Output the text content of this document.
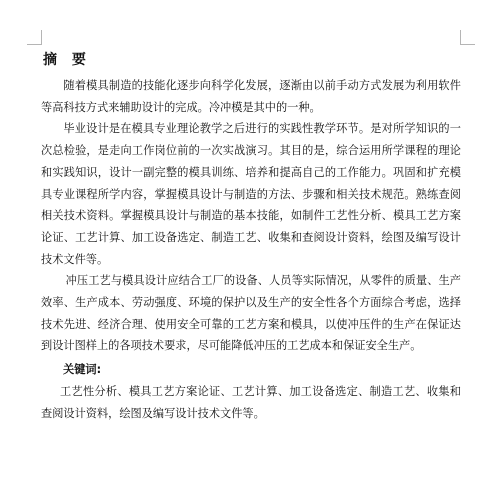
摘 要

随着模具制造的技能化逐步向科学化发展，逐渐由以前手动方式发展为利用软件等高科技方式来辅助设计的完成。冷冲模是其中的一种。

毕业设计是在模具专业理论教学之后进行的实践性教学环节。是对所学知识的一次总检验，是走向工作岗位前的一次实战演习。其目的是，综合运用所学课程的理论和实践知识，设计一副完整的模具训练、培养和提高自己的工作能力。巩固和扩充模具专业课程所学内容，掌握模具设计与制造的方法、步骤和相关技术规范。熟练查阅相关技术资料。掌握模具设计与制造的基本技能，如制件工艺性分析、模具工艺方案论证、工艺计算、加工设备选定、制造工艺、收集和查阅设计资料，绘图及编写设计技术文件等。

冲压工艺与模具设计应结合工厂的设备、人员等实际情况，从零件的质量、生产效率、生产成本、劳动强度、环境的保护以及生产的安全性各个方面综合考虑，选择技术先进、经济合理、使用安全可靠的工艺方案和模具，以使冲压件的生产在保证达到设计图样上的各项技术要求，尽可能降低冲压的工艺成本和保证安全生产。

关键词:

工艺性分析、模具工艺方案论证、工艺计算、加工设备选定、制造工艺、收集和查阅设计资料，绘图及编写设计技术文件等。
